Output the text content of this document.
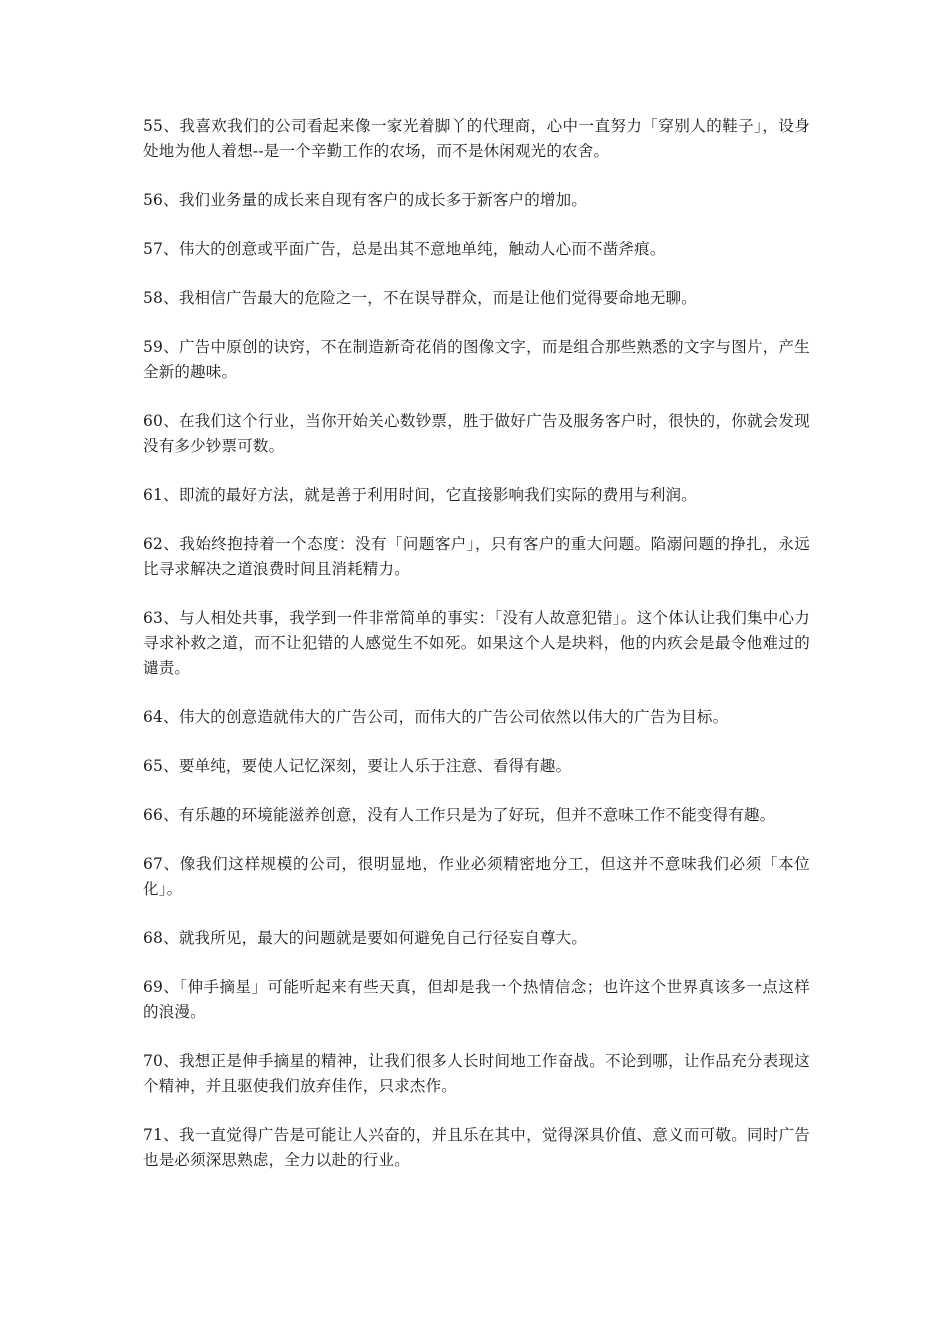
55、我喜欢我们的公司看起来像一家光着脚丫的代理商，心中一直努力「穿别人的鞋子」，设身处地为他人着想--是一个辛勤工作的农场，而不是休闲观光的农舍。

56、我们业务量的成长来自现有客户的成长多于新客户的增加。

57、伟大的创意或平面广告，总是出其不意地单纯，触动人心而不凿斧痕。

58、我相信广告最大的危险之一，不在误导群众，而是让他们觉得要命地无聊。

59、广告中原创的诀窍，不在制造新奇花俏的图像文字，而是组合那些熟悉的文字与图片，产生全新的趣味。

60、在我们这个行业，当你开始关心数钞票，胜于做好广告及服务客户时，很快的，你就会发现没有多少钞票可数。

61、即流的最好方法，就是善于利用时间，它直接影响我们实际的费用与利润。

62、我始终抱持着一个态度：没有「问题客户」，只有客户的重大问题。陷溺问题的挣扎，永远比寻求解决之道浪费时间且消耗精力。

63、与人相处共事，我学到一件非常简单的事实：「没有人故意犯错」。这个体认让我们集中心力寻求补救之道，而不让犯错的人感觉生不如死。如果这个人是块料，他的内疚会是最令他难过的谴责。

64、伟大的创意造就伟大的广告公司，而伟大的广告公司依然以伟大的广告为目标。

65、要单纯，要使人记忆深刻，要让人乐于注意、看得有趣。

66、有乐趣的环境能滋养创意，没有人工作只是为了好玩，但并不意味工作不能变得有趣。

67、像我们这样规模的公司，很明显地，作业必须精密地分工，但这并不意味我们必须「本位化」。

68、就我所见，最大的问题就是要如何避免自己行径妄自尊大。

69、「伸手摘星」可能听起来有些天真，但却是我一个热情信念；也许这个世界真该多一点这样的浪漫。

70、我想正是伸手摘星的精神，让我们很多人长时间地工作奋战。不论到哪，让作品充分表现这个精神，并且驱使我们放弃佳作，只求杰作。

71、我一直觉得广告是可能让人兴奋的，并且乐在其中，觉得深具价值、意义而可敬。同时广告也是必须深思熟虑，全力以赴的行业。
